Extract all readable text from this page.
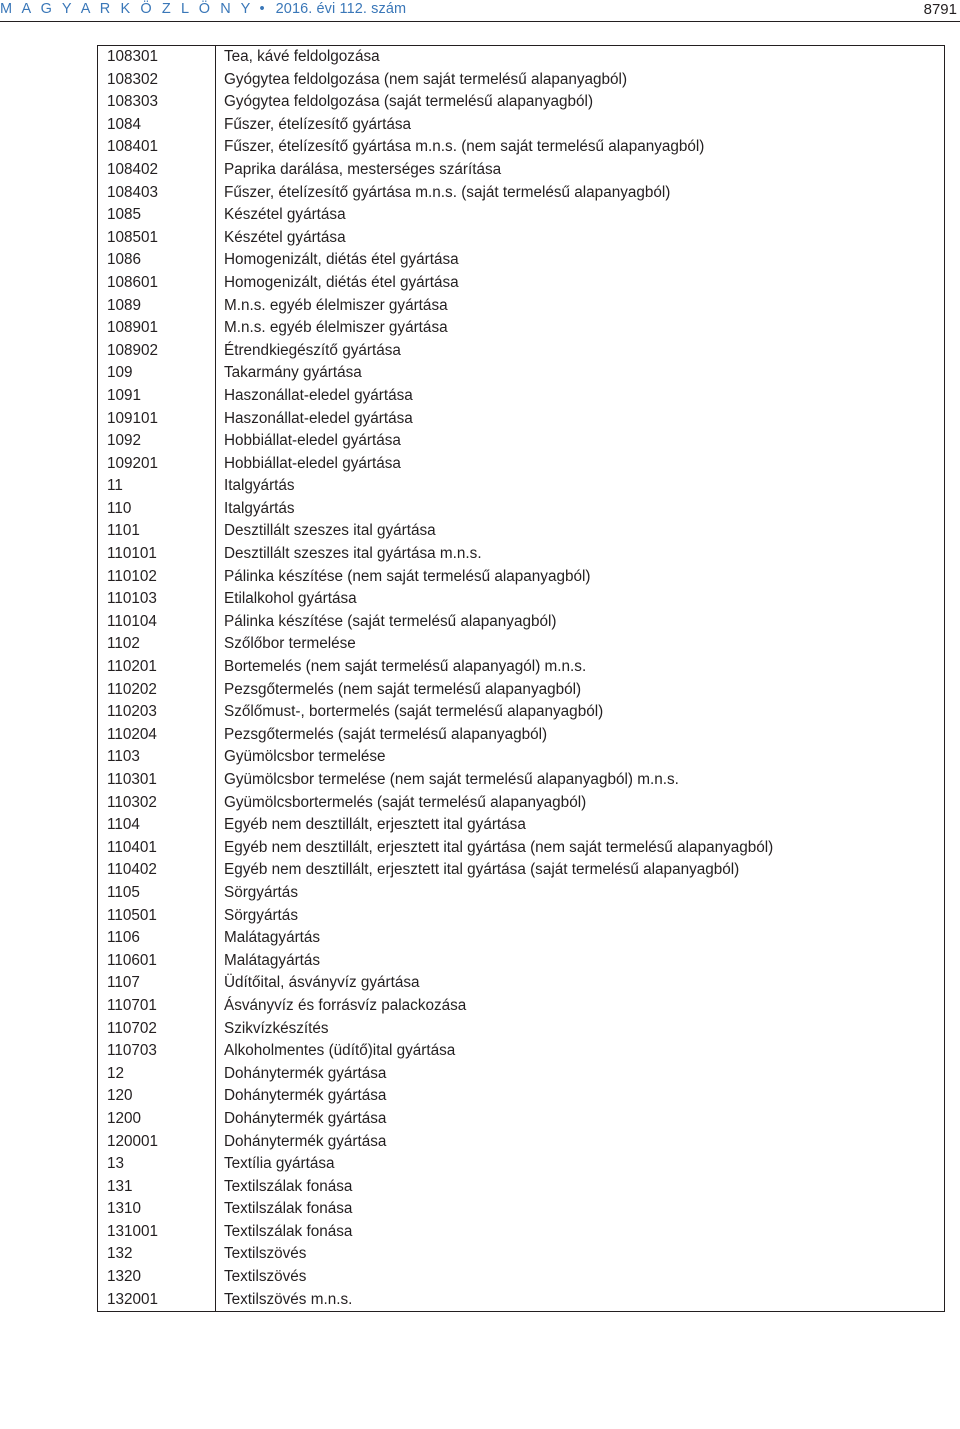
M A G Y A R K Ö Z L Ö N Y • 2016. évi 112. szám	8791
108301	Tea, kávé feldolgozása
108302	Gyógytea feldolgozása (nem saját termelésű alapanyagból)
108303	Gyógytea feldolgozása (saját termelésű alapanyagból)
1084	Fűszer, ételízesítő gyártása
108401	Fűszer, ételízesítő gyártása m.n.s. (nem saját termelésű alapanyagból)
108402	Paprika darálása, mesterséges szárítása
108403	Fűszer, ételízesítő gyártása m.n.s. (saját termelésű alapanyagból)
1085	Készétel gyártása
108501	Készétel gyártása
1086	Homogenizált, diétás étel gyártása
108601	Homogenizált, diétás étel gyártása
1089	M.n.s. egyéb élelmiszer gyártása
108901	M.n.s. egyéb élelmiszer gyártása
108902	Étrendkiegészítő gyártása
109	Takarmány gyártása
1091	Haszonállat-eledel gyártása
109101	Haszonállat-eledel gyártása
1092	Hobbiállat-eledel gyártása
109201	Hobbiállat-eledel gyártása
11	Italgyártás
110	Italgyártás
1101	Desztillált szeszes ital gyártása
110101	Desztillált szeszes ital gyártása m.n.s.
110102	Pálinka készítése (nem saját termelésű alapanyagból)
110103	Etilalkohol gyártása
110104	Pálinka készítése (saját termelésű alapanyagból)
1102	Szőlőbor termelése
110201	Bortemelés (nem saját termelésű alapanyagól) m.n.s.
110202	Pezsgőtermelés (nem saját termelésű alapanyagból)
110203	Szőlőmust-, bortermelés (saját termelésű alapanyagból)
110204	Pezsgőtermelés (saját termelésű alapanyagból)
1103	Gyümölcsbor termelése
110301	Gyümölcsbor termelése (nem saját termelésű alapanyagból) m.n.s.
110302	Gyümölcsbortermelés (saját termelésű alapanyagból)
1104	Egyéb nem desztillált, erjesztett ital gyártása
110401	Egyéb nem desztillált, erjesztett ital gyártása (nem saját termelésű alapanyagból)
110402	Egyéb nem desztillált, erjesztett ital gyártása (saját termelésű alapanyagból)
1105	Sörgyártás
110501	Sörgyártás
1106	Malátagyártás
110601	Malátagyártás
1107	Üdítőital, ásványvíz gyártása
110701	Ásványvíz és forrásvíz palackozása
110702	Szikvízkészítés
110703	Alkoholmentes (üdítő)ital gyártása
12	Dohánytermék gyártása
120	Dohánytermék gyártása
1200	Dohánytermék gyártása
120001	Dohánytermék gyártása
13	Textília gyártása
131	Textilszálak fonása
1310	Textilszálak fonása
131001	Textilszálak fonása
132	Textilszövés
1320	Textilszövés
132001	Textilszövés m.n.s.
